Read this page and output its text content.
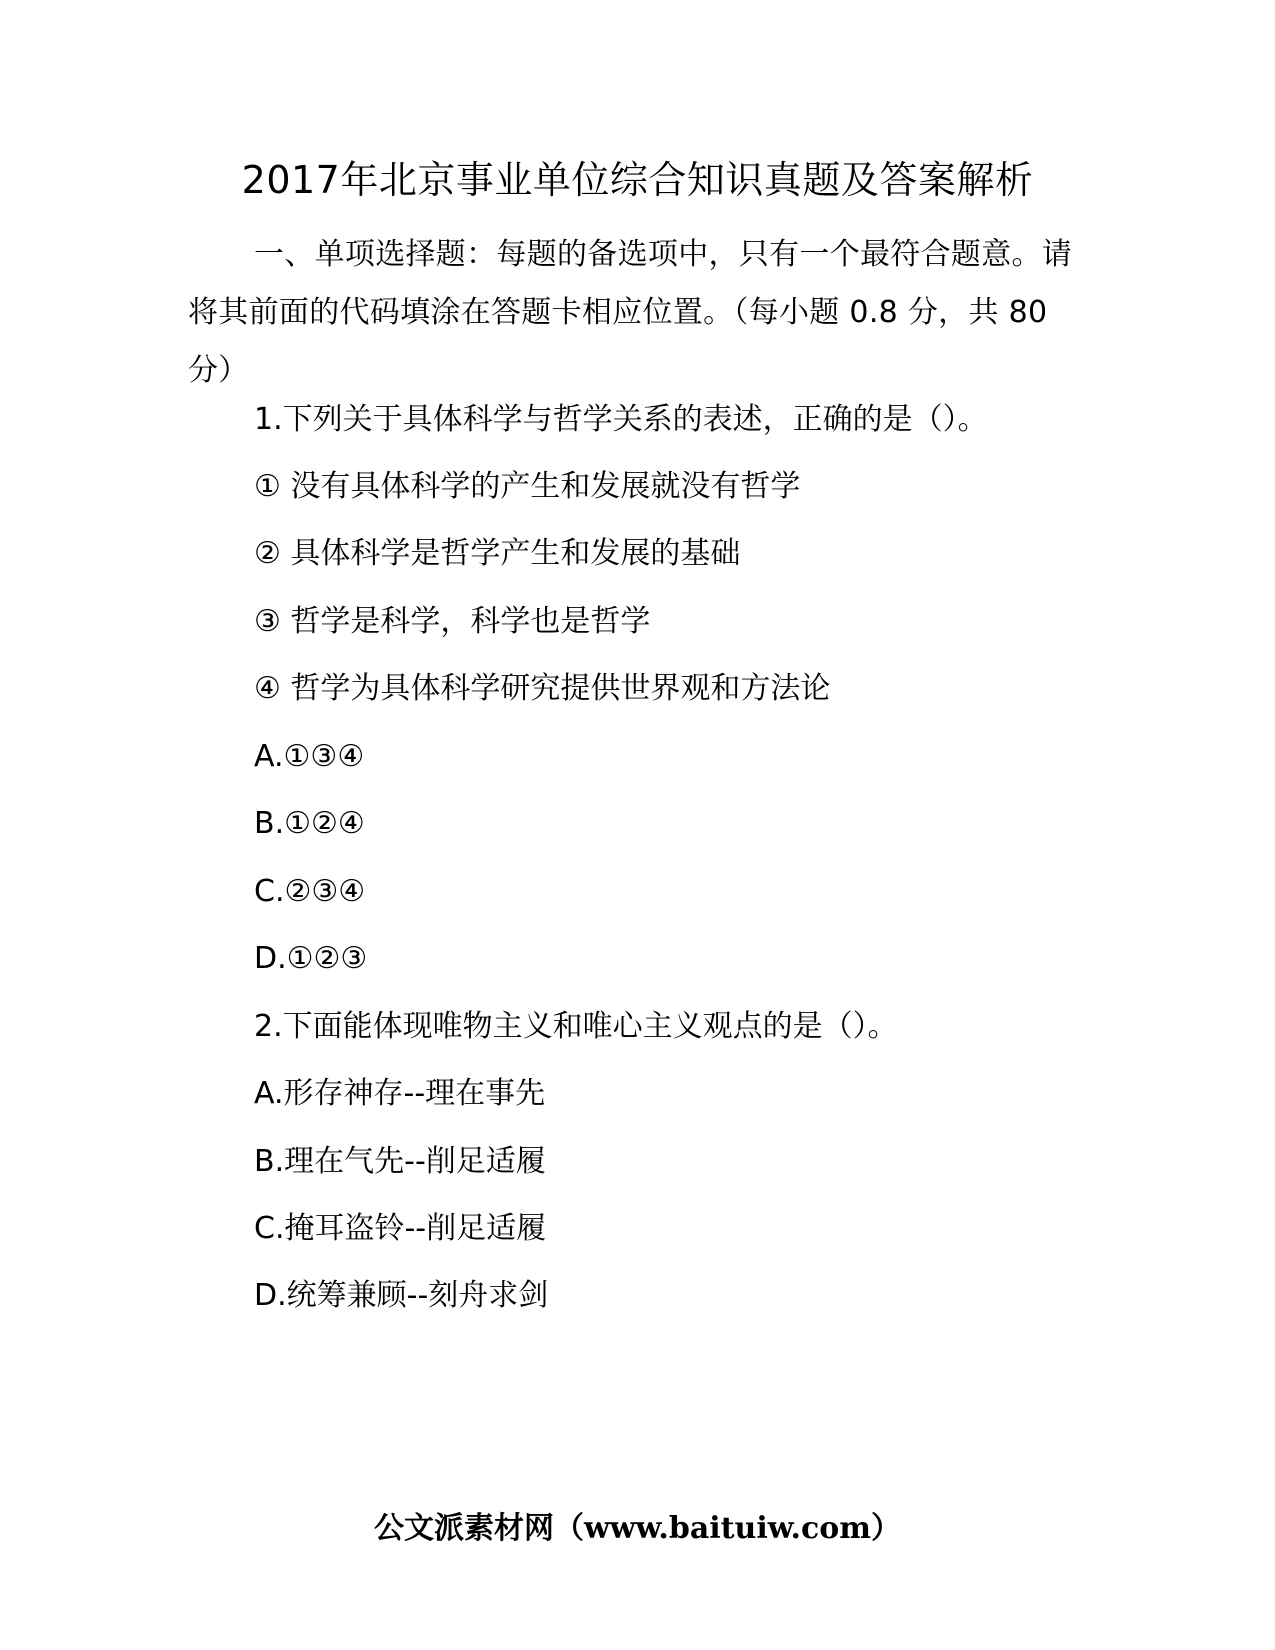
2017年北京事业单位综合知识真题及答案解析
一、单项选择题：每题的备选项中，只有一个最符合题意。请将其前面的代码填涂在答题卡相应位置。（每小题 0.8 分，共 80 分）
1.下列关于具体科学与哲学关系的表述，正确的是（）。
① 没有具体科学的产生和发展就没有哲学
② 具体科学是哲学产生和发展的基础
③ 哲学是科学，科学也是哲学
④ 哲学为具体科学研究提供世界观和方法论
A.①③④
B.①②④
C.②③④
D.①②③
2.下面能体现唯物主义和唯心主义观点的是（）。
A.形存神存--理在事先
B.理在气先--削足适履
C.掩耳盗铃--削足适履
D.统筹兼顾--刻舟求剑
公文派素材网（www.baituiw.com）
